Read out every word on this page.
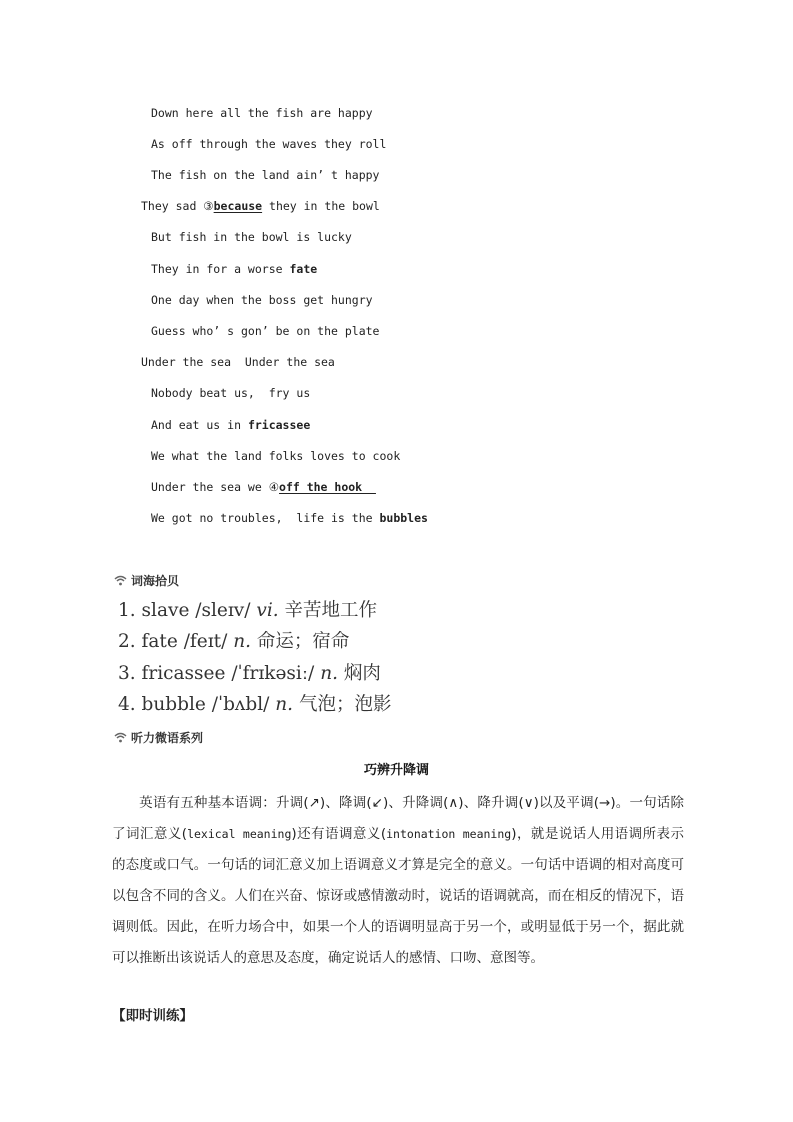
Down here all the fish are happy
As off through the waves they roll
The fish on the land ain’ t happy
They sad ③because they in the bowl
But fish in the bowl is lucky
They in for a worse fate
One day when the boss get hungry
Guess who’ s gon’ be on the plate
Under the sea  Under the sea
Nobody beat us,  fry us
And eat us in fricassee
We what the land folks loves to cook
Under the sea we ④off the hook
We got no troubles,  life is the bubbles
词海拾贝
1. slave /sleɪv/ vi. 辛苦地工作
2. fate /feɪt/ n. 命运；宿命
3. fricassee /ˈfrɪkəsiː/ n. 焖肉
4. bubble /ˈbʌbl/ n. 气泡；泡影
听力微语系列
巧辨升降调
英语有五种基本语调：升调(↗)、降调(↙)、升降调(∧)、降升调(∨)以及平调(→)。一句话除了词汇意义(lexical meaning)还有语调意义(intonation meaning)，就是说话人用语调所表示的态度或口气。一句话的词汇意义加上语调意义才算是完全的意义。一句话中语调的相对高度可以包含不同的含义。人们在兴奋、惊讶或感情激动时，说话的语调就高，而在相反的情况下，语调则低。因此，在听力场合中，如果一个人的语调明显高于另一个，或明显低于另一个，据此就可以推断出该说话人的意思及态度，确定说话人的感情、口吻、意图等。
【即时训练】
